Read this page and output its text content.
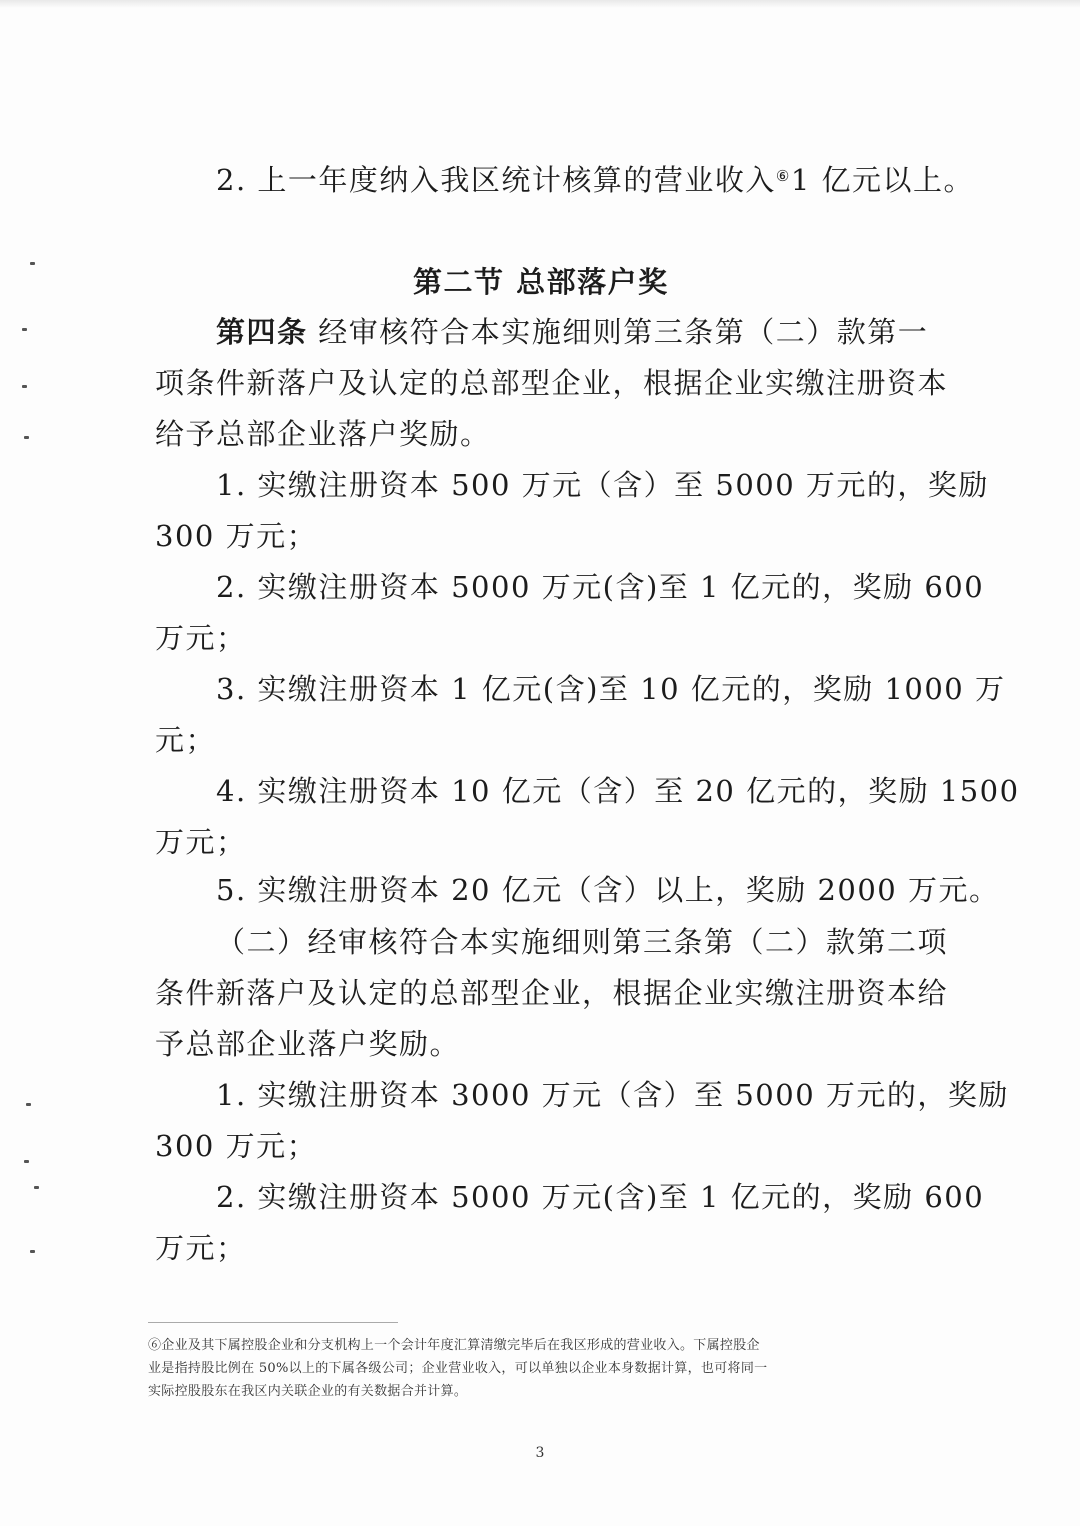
2. 上一年度纳入我区统计核算的营业收入⑥1 亿元以上。
第二节 总部落户奖
第四条 经审核符合本实施细则第三条第（二）款第一
项条件新落户及认定的总部型企业，根据企业实缴注册资本
给予总部企业落户奖励。
1. 实缴注册资本 500 万元（含）至 5000 万元的，奖励
300 万元；
2. 实缴注册资本 5000 万元(含)至 1 亿元的，奖励 600
万元；
3. 实缴注册资本 1 亿元(含)至 10 亿元的，奖励 1000 万
元；
4. 实缴注册资本 10 亿元（含）至 20 亿元的，奖励 1500
万元；
5. 实缴注册资本 20 亿元（含）以上，奖励 2000 万元。
（二）经审核符合本实施细则第三条第（二）款第二项
条件新落户及认定的总部型企业，根据企业实缴注册资本给
予总部企业落户奖励。
1. 实缴注册资本 3000 万元（含）至 5000 万元的，奖励
300 万元；
2. 实缴注册资本 5000 万元(含)至 1 亿元的，奖励 600
万元；
⑥企业及其下属控股企业和分支机构上一个会计年度汇算清缴完毕后在我区形成的营业收入。下属控股企
业是指持股比例在 50%以上的下属各级公司；企业营业收入，可以单独以企业本身数据计算，也可将同一
实际控股股东在我区内关联企业的有关数据合并计算。
3
